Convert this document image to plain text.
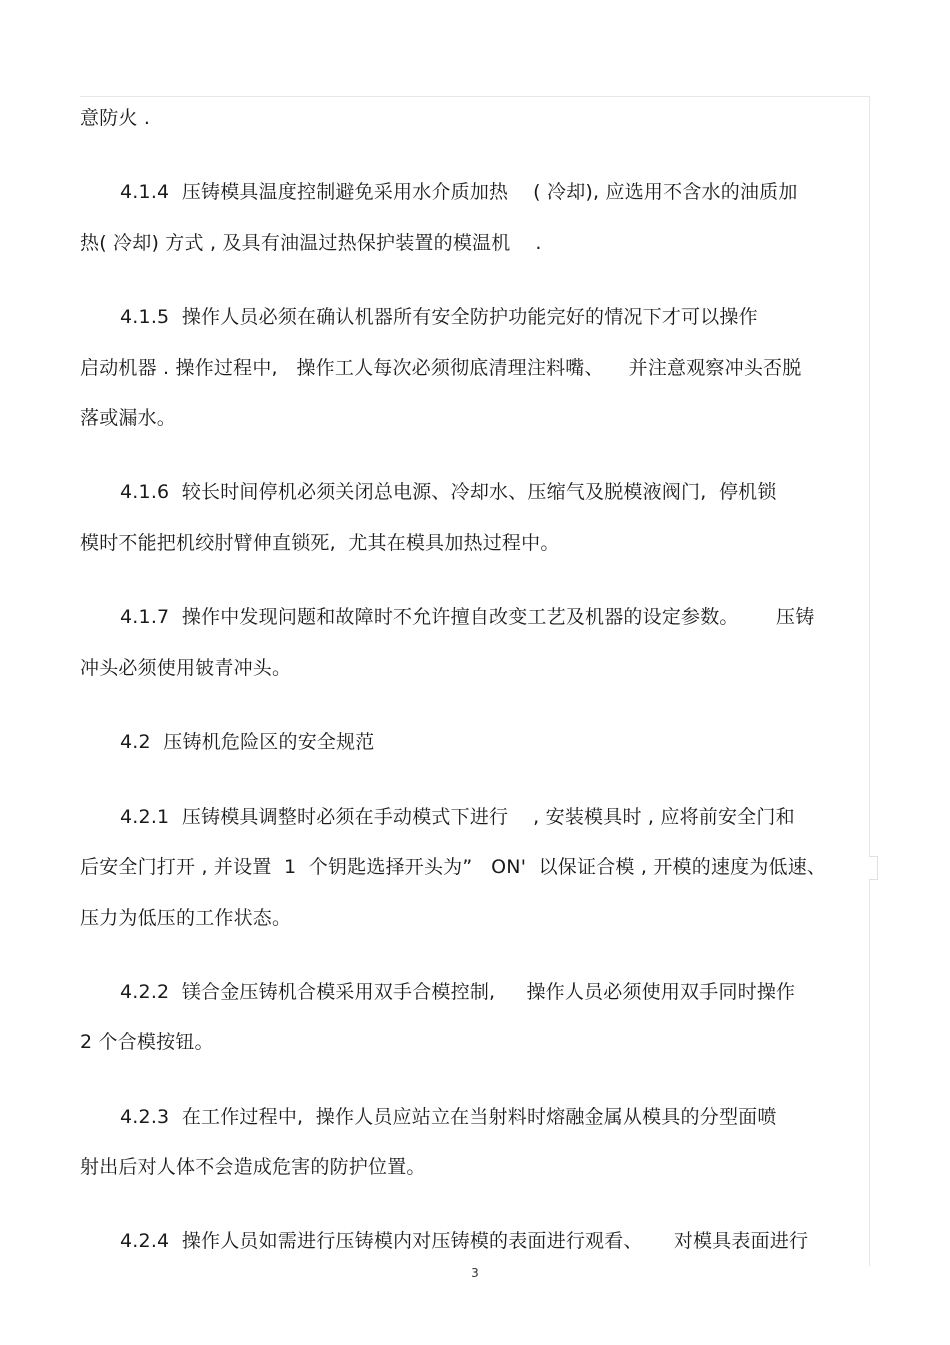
意防火 .
4.1.4  压铸模具温度控制避免采用水介质加热    ( 冷却), 应选用不含水的油质加
热( 冷却) 方式 , 及具有油温过热保护装置的模温机    .
4.1.5  操作人员必须在确认机器所有安全防护功能完好的情况下才可以操作
启动机器 . 操作过程中,   操作工人每次必须彻底清理注料嘴、    并注意观察冲头否脱
落或漏水。
4.1.6  较长时间停机必须关闭总电源、冷却水、压缩气及脱模液阀门,  停机锁
模时不能把机绞肘臂伸直锁死,  尤其在模具加热过程中。
4.1.7  操作中发现问题和故障时不允许擅自改变工艺及机器的设定参数。      压铸
冲头必须使用铍青冲头。
4.2  压铸机危险区的安全规范
4.2.1  压铸模具调整时必须在手动模式下进行    , 安装模具时 , 应将前安全门和
后安全门打开 , 并设置  1  个钥匙选择开头为”   ON'  以保证合模 , 开模的速度为低速、
压力为低压的工作状态。
4.2.2  镁合金压铸机合模采用双手合模控制,     操作人员必须使用双手同时操作
2 个合模按钮。
4.2.3  在工作过程中,  操作人员应站立在当射料时熔融金属从模具的分型面喷
射出后对人体不会造成危害的防护位置。
4.2.4  操作人员如需进行压铸模内对压铸模的表面进行观看、     对模具表面进行
3
